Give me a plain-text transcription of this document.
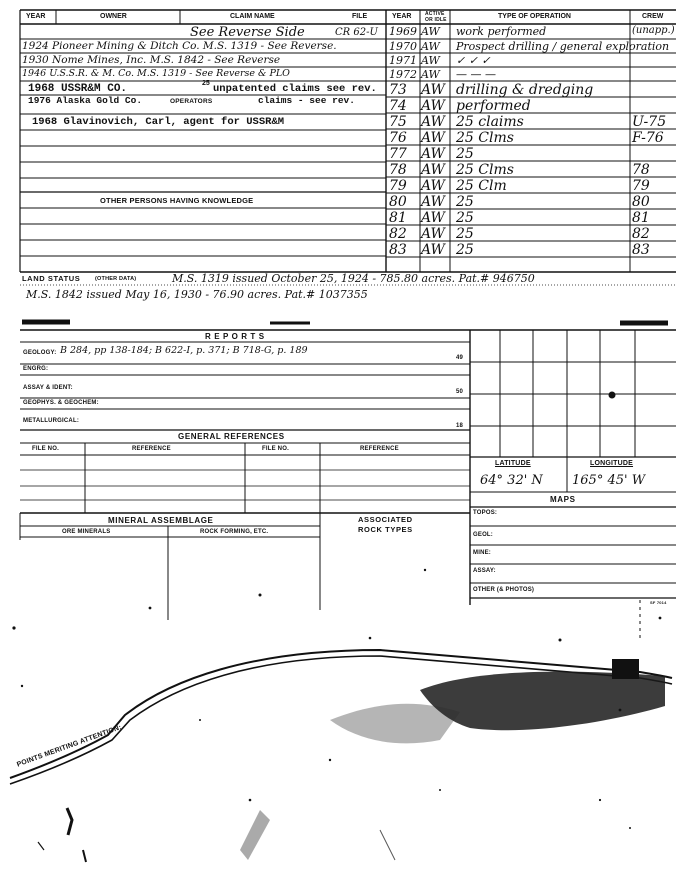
YEAR	OWNER	CLAIM NAME	FILE	YEAR	ACTIVE
OR IDLE	TYPE OF OPERATION	CREW
See Reverse Side	CR 62-U
1924 Pioneer Mining & Ditch Co. M.S. 1319 - See Reverse.
1930 Nome Mines, Inc. M.S. 1842 - See Reverse
1946 U.S.S.R. & M. Co. M.S. 1319 - See Reverse & PLO
1968 USSR&M CO.	unpatented claims see rev.
25
1976 Alaska Gold Co.	OPERATORS	claims - see rev.
1968 Glavinovich, Carl, agent for USSR&M
OTHER PERSONS HAVING KNOWLEDGE
1969 AW work performed	(unapp.)
1970 AW Prospect drilling / general exploration
1971 AW ✓ ✓ ✓
1972 AW — — —
73 AW drilling & dredging
74 AW performed
75 AW 25 claims	U-75
76 AW 25 Clms	F-76
77 AW 25
78 AW 25 Clms	78
79 AW 25 Clm	79
80 AW 25	80
81 AW 25	81
82 AW 25	82
83 AW 25	83
LAND STATUS	(OTHER DATA)	M.S. 1319 issued October 25, 1924 - 785.80 acres. Pat.# 946750
M.S. 1842 issued May 16, 1930 - 76.90 acres. Pat.# 1037355
R E P O R T S
GEOLOGY: B 284, pp 138-184; B 622-I, p. 371; B 718-G, p. 189
49
ENGRG:
ASSAY & IDENT:
50
GEOPHYS. & GEOCHEM:
METALLURGICAL:
18
GENERAL REFERENCES
FILE NO.	REFERENCE	FILE NO.	REFERENCE
LATITUDE	LONGITUDE
64° 32' N 165° 45' W
MAPS
TOPOS:
GEOL:
MINE:
ASSAY:
OTHER (& PHOTOS)
SF 7014
MINERAL ASSEMBLAGE
ORE MINERALS	ROCK FORMING, ETC.
ASSOCIATED
ROCK TYPES
POINTS MERITING ATTENTION:
